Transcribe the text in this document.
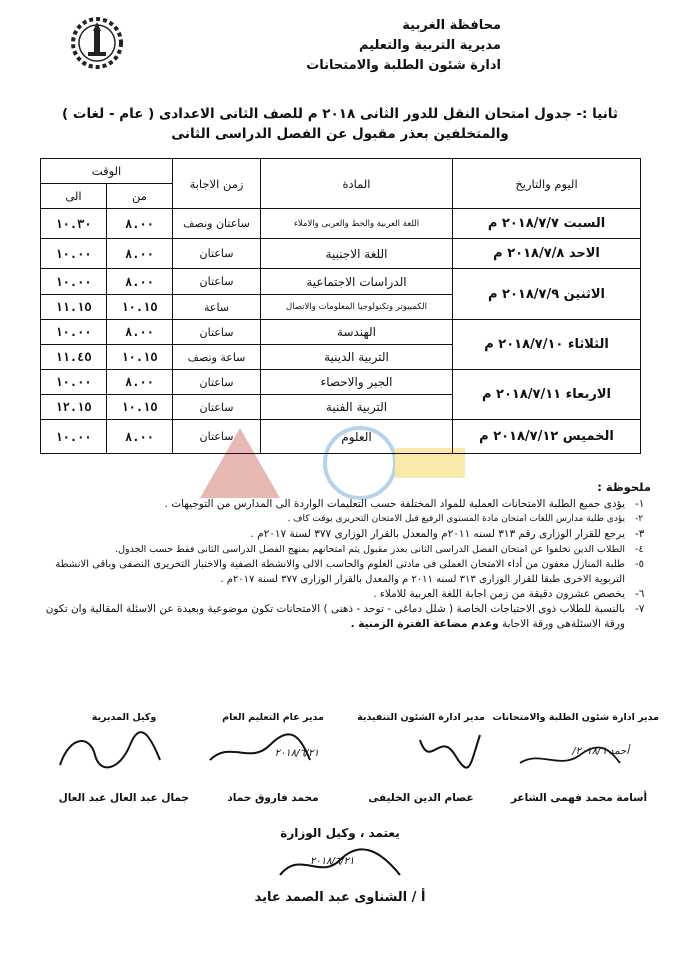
محافظة الغربية
مديرية التربية والتعليم
ادارة شئون الطلبة والامتحانات
ثانيا :- جدول امتحان النقل للدور الثانى ٢٠١٨ م للصف الثانى الاعدادى ( عام - لغات )
والمتخلفين بعذر مقبول عن الفصل الدراسى الثانى
اليوم والتاريخ	المادة	زمن الاجابة	الوقت	
			من	الى
السبت ٢٠١٨/٧/٧ م	اللغة العربية والخط والعربى والاملاء	ساعتان ونصف	٨.٠٠	١٠.٣٠
الاحد ٢٠١٨/٧/٨ م	اللغة الاجنبية	ساعتان	٨.٠٠	١٠.٠٠
الاثنين ٢٠١٨/٧/٩ م	الدراسات الاجتماعية	ساعتان	٨.٠٠	١٠.٠٠
	الكمبيوتر وتكنولوجيا المعلومات والاتصال	ساعة	١٠.١٥	١١.١٥
الثلاثاء ٢٠١٨/٧/١٠ م	الهندسة	ساعتان	٨.٠٠	١٠.٠٠
	التربية الدينية	ساعة ونصف	١٠.١٥	١١.٤٥
الاربعاء ٢٠١٨/٧/١١ م	الجبر والاحصاء	ساعتان	٨.٠٠	١٠.٠٠
	التربية الفنية	ساعتان	١٠.١٥	١٢.١٥
الخميس ٢٠١٨/٧/١٢ م	العلوم	ساعتان	٨.٠٠	١٠.٠٠
ملحوظة :
١-
يؤدى جميع الطلبة الامتحانات العملية للمواد المختلفة حسب التعليمات الواردة الى المدارس من التوجيهات .
٢-
يؤدى طلبة مدارس اللغات امتحان مادة المستوى الرفيع قبل الامتحان التحريرى بوقت كاف .
٣-
يرجع للقرار الوزارى رقم ٣١٣ لسنه ٢٠١١م والمعدل بالقرار الوزارى ٣٧٧ لسنة ٢٠١٧م .
٤-
الطلاب الذين تخلفوا عن امتحان الفصل الدراسى الثانى بعذر مقبول يتم امتحانهم بمنهج الفصل الدراسى الثانى فقط حسب الجدول.
٥-
طلبة المنازل معفون من أداء الامتحان العملى فى مادتى العلوم والحاسب الالى والانشطة الصفية والاختبار التحريرى النصفى وباقى الانشطة التربوية الاخرى طبقا للقرار الوزارى ٣١٣ لسنه ٢٠١١ م والمعدل بالقرار الوزارى ٣٧٧ لسنة ٢٠١٧م .
٦-
يخصص عشرون دقيقة من زمن اجابة اللغة العربية للاملاء .
٧-
بالنسبة للطلاب ذوى الاحتياجات الخاصة ( شلل دماغى - توحد - ذهنى ) الامتحانات تكون موضوعية وبعيدة عن الاسئلة المقالية وان تكون ورقة الاسئلةهى ورقة الاجابة وعدم مضاعة الفترة الزمنية .
مدير ادارة شئون الطلبة والامتحانات
مدير ادارة الشئون التنفيذية
مدير عام التعليم العام
وكيل المديرية
أحمد ٢٠١٨/٦/
٢٠١٨/٦/٢١
أسامة محمد فهمى الشاعر
عصام الدين الخليفى
محمد فاروق حماد
جمال عبد العال عبد العال
يعتمد ، وكيل الوزارة
٢٠١٨/٦/٢١
أ / الشناوى عبد الصمد عايد
